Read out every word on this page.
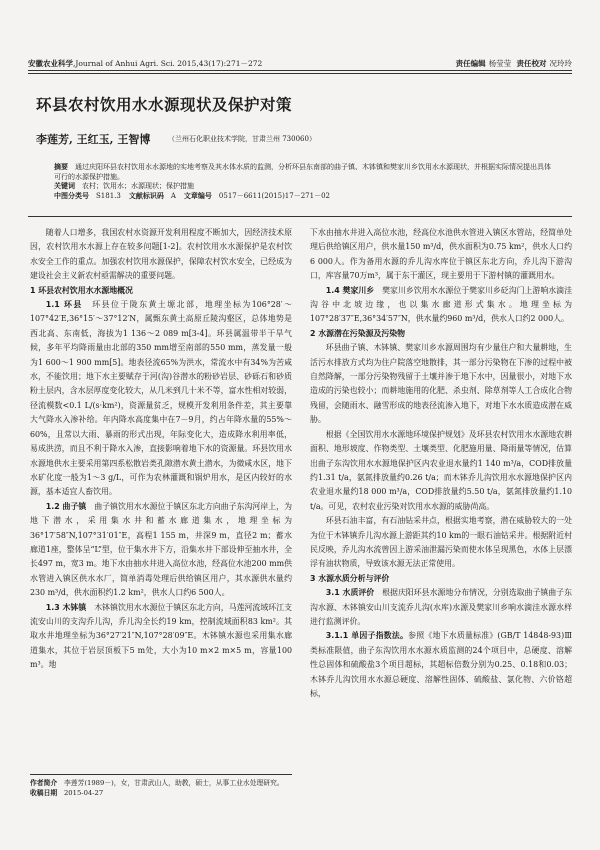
安徽农业科学,Journal of Anhui Agri. Sci. 2015,43(17):271－272	责任编辑 杨莹莹 责任校对 况玲玲
环县农村饮用水水源现状及保护对策
李莲芳, 王红玉, 王智博	（兰州石化职业技术学院，甘肃兰州 730060）
摘要　 通过庆阳环县农村饮用水水源地的实地考察及其水体水质的监测，分析环县东南部的曲子镇、木钵镇和樊家川乡饮用水水源现状，并根据实际情况提出具体可行的水源保护措施。
关键词　 农村；饮用水；水源现状；保护措施
中图分类号　 S181.3 文献标识码　 A 文章编号　 0517－6611(2015)17－271－02

随着人口增多，我国农村水资源开发利用程度不断加大，因经济技术原因，农村饮用水水源上存在较多问题[1-2]。农村饮用水水源保护是农村饮水安全工作的重点。加强农村饮用水源保护，保障农村饮水安全，已经成为建设社会主义新农村亟需解决的重要问题。

1 环县农村饮用水水源地概况

1.1 环县　 环县位于陇东黄土塬北部，地理坐标为106°28′～107°42′E,36°15′～37°12′N，属甄东黄土高原丘陵沟壑区，总体地势是西北高、东南低，海拔为1 136～2 089 m[3-4]。环县属温带半干旱气候，多年平均降雨量由北部的350 mm增至南部的550 mm，蒸发量一般为1 600～1 900 mm[5]。地表径流65%为洪水，常流水中有34%为苦咸水，不能饮用；地下水主要赋存于河(沟)谷潜水的粉砂岩层、砂砾石和砂质粉土层内，含水层厚度变化较大，从几米到几十米不等，富水性相对较弱，径流模数<0.1 L/(s·km²)，资源量贫乏，规模开发利用条件差，其主要靠大气降水入渗补给。年内降水高度集中在7－9月，约占年降水量的55%～60%，且常以大雨、暴雨的形式出现，年际变化大，造成降水利用率低，易成洪涝，而且不利于降水入渗，直接影响着地下水的资源量。环县饮用水水源地供水主要采用第四系松散岩类孔隙潜水黄土潜水，为微咸水区，地下水矿化度一般为1～3 g/L，可作为农林灌溉和锅炉用水，是区内较好的水源，基本适宜人畜饮用。

1.2 曲子镇　 曲子镇饮用水水源位于镇区东北方向曲子东沟河岸上，为地下潜水，采用集水井和蓄水廊道集水，地理坐标为36°17′58″N,107°31′01″E，高程1 155 m，井深9 m，直径2 m；蓄水廊道1座，整体呈“L”型，位于集水井下方，沿集水井下部设伸至抽水井，全长497 m，宽3 m。地下水由抽水井进入高位水池，经高位水池200 mm供水管进入镇区供水水厂，简单消毒处理后供给镇区用户，其水源供水量约230 m³/d，供水面积约1.2 km²，供水人口约6 500人。

1.3 木钵镇　 木钵镇饮用水水源位于镇区东北方向，马莲河流域环江支流安山川的支沟乔儿沟，乔儿沟全长约19 km，控制流域面积83 km²。其取水井地理坐标为36°27′21″N,107°28′09″E。木钵镇水源也采用集水廊道集水，其位于岩层顶板下5 m处，大小为10 m×2 m×5 m，容量100 m³。地

下水由抽水井进入高位水池，经高位水池供水管进入镇区水管站，经简单处理后供给镇区用户，供水量150 m³/d，供水面积为0.75 km²，供水人口约6 000人。作为备用水源的乔儿沟水库位于镇区东北方向，乔儿沟下游沟口，库容量70万m³，属于东干灌区，现主要用于下游村镇的灌溉用水。

1.4 樊家川乡　 樊家川乡饮用水水源位于樊家川乡砭沟门上游响水滴洼沟谷中北坡边缘，也以集水廊道形式集水。地理坐标为107°28′37″E,36°34′57″N，供水量约960 m³/d，供水人口约2 000人。

2 水源潜在污染源及污染物

环县曲子镇、木钵镇、樊家川乡水源周围均有少量住户和大量耕地，生活污水排放方式均为住户院落空地散排，其一部分污染物在下渗的过程中被自然降解，一部分污染物残留于土壤并渗于地下水中，因量很小，对地下水造成的污染也较小；而耕地施用的化肥、杀虫剂、除草剂等人工合成化合物残留，会随雨水、融雪形成的地表径流渗入地下，对地下水水质造成潜在威胁。

根据《全国饮用水水源地环境保护规划》及环县农村饮用水水源地农耕面积、地形坡度、作物类型、土壤类型、化肥施用量、降雨量等情况，估算出曲子东沟饮用水水源地保护区内农业退水量约1 140 m³/a，COD排放量约1.31 t/a，氨氮排放量约0.26 t/a；而木钵乔儿沟饮用水水源地保护区内农业退水量约18 000 m³/a，COD排放量约5.50 t/a，氨氮排放量约1.10 t/a。可见，农村农业污染对饮用水水源的威胁尚高。

环县石油丰富，有石油钻采井点，根据实地考察，潜在威胁较大的一处为位于木钵镇乔儿沟水源上游距其约10 km的一眼石油钻采井。根据附近村民反映，乔儿沟水流曾因上游采油泄漏污染而使水体呈现黑色，水体上层漂浮有油状物质，导致该水源无法正常使用。

3 水源水质分析与评价

3.1 水质评价　 根据庆阳环县水源地分布情况，分别选取曲子镇曲子东沟水源、木钵镇安山川支流乔儿沟(水库)水源及樊家川乡响水滴洼水源水样进行监测评价。

3.1.1 单因子指数法。参照《地下水质量标准》(GB/T 14848-93)Ⅲ类标准限值，曲子东沟饮用水水源水质监测的24个项目中，总硬度、溶解性总固体和硫酸盐3个项目超标，其超标倍数分别为0.25、0.18和0.03；木钵乔儿沟饮用水水源总硬度、溶解性固体、硫酸盐、氯化物、六价铬超标，

作者简介　 李莲芳(1989－)，女，甘肃武山人，助教，硕士，从事工业水处理研究。
收稿日期　 2015-04-27
